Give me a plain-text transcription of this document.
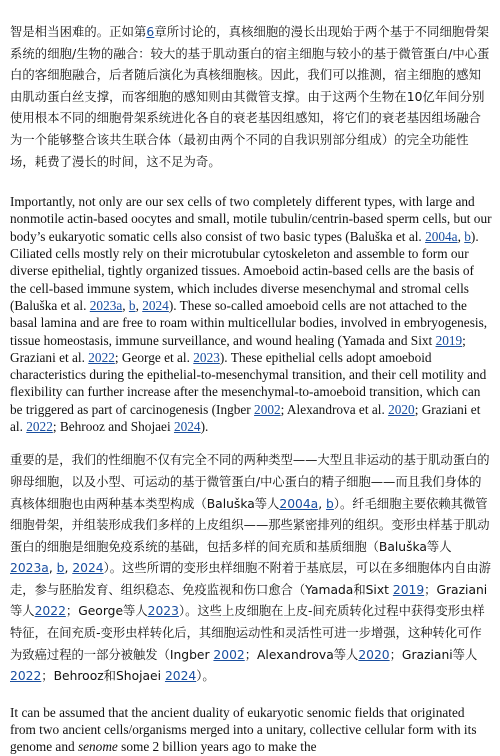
智是相当困难的。正如第6章所讨论的，真核细胞的漫长出现始于两个基于不同细胞骨架系统的细胞/生物的融合：较大的基于肌动蛋白的宿主细胞与较小的基于微管蛋白/中心蛋白的客细胞融合，后者随后演化为真核细胞核。因此，我们可以推测，宿主细胞的感知由肌动蛋白丝支撑，而客细胞的感知则由其微管支撑。由于这两个生物在10亿年间分别使用根本不同的细胞骨架系统进化各自的衰老基因组感知，将它们的衰老基因组场融合为一个能够整合该共生联合体（最初由两个不同的自我识别部分组成）的完全功能性场，耗费了漫长的时间，这不足为奇。

Importantly, not only are our sex cells of two completely different types, with large and nonmotile actin-based oocytes and small, motile tubulin/centrin-based sperm cells, but our body’s eukaryotic somatic cells also consist of two basic types (Baluška et al. 2004a, b). Ciliated cells mostly rely on their microtubular cytoskeleton and assemble to form our diverse epithelial, tightly organized tissues. Amoeboid actin-based cells are the basis of the cell-based immune system, which includes diverse mesenchymal and stromal cells (Baluška et al. 2023a, b, 2024). These so-called amoeboid cells are not attached to the basal lamina and are free to roam within multicellular bodies, involved in embryogenesis, tissue homeostasis, immune surveillance, and wound healing (Yamada and Sixt 2019; Graziani et al. 2022; George et al. 2023). These epithelial cells adopt amoeboid characteristics during the epithelial-to-mesenchymal transition, and their cell motility and flexibility can further increase after the mesenchymal-to-amoeboid transition, which can be triggered as part of carcinogenesis (Ingber 2002; Alexandrova et al. 2020; Graziani et al. 2022; Behrooz and Shojaei 2024).

重要的是，我们的性细胞不仅有完全不同的两种类型——大型且非运动的基于肌动蛋白的卵母细胞，以及小型、可运动的基于微管蛋白/中心蛋白的精子细胞——而且我们身体的真核体细胞也由两种基本类型构成（Baluška等人2004a, b）。纤毛细胞主要依赖其微管细胞骨架，并组装形成我们多样的上皮组织——那些紧密排列的组织。变形虫样基于肌动蛋白的细胞是细胞免疫系统的基础，包括多样的间充质和基质细胞（Baluška等人2023a, b, 2024）。这些所谓的变形虫样细胞不附着于基底层，可以在多细胞体内自由游走，参与胚胎发育、组织稳态、免疫监视和伤口愈合（Yamada和Sixt 2019；Graziani等人2022；George等人2023）。这些上皮细胞在上皮-间充质转化过程中获得变形虫样特征，在间充质-变形虫样转化后，其细胞运动性和灵活性可进一步增强，这种转化可作为致癌过程的一部分被触发（Ingber 2002；Alexandrova等人2020；Graziani等人2022；Behrooz和Shojaei 2024）。

It can be assumed that the ancient duality of eukaryotic senomic fields that originated from two ancient cells/organisms merged into a unitary, collective cellular form with its genome and senome some 2 billion years ago to make the
